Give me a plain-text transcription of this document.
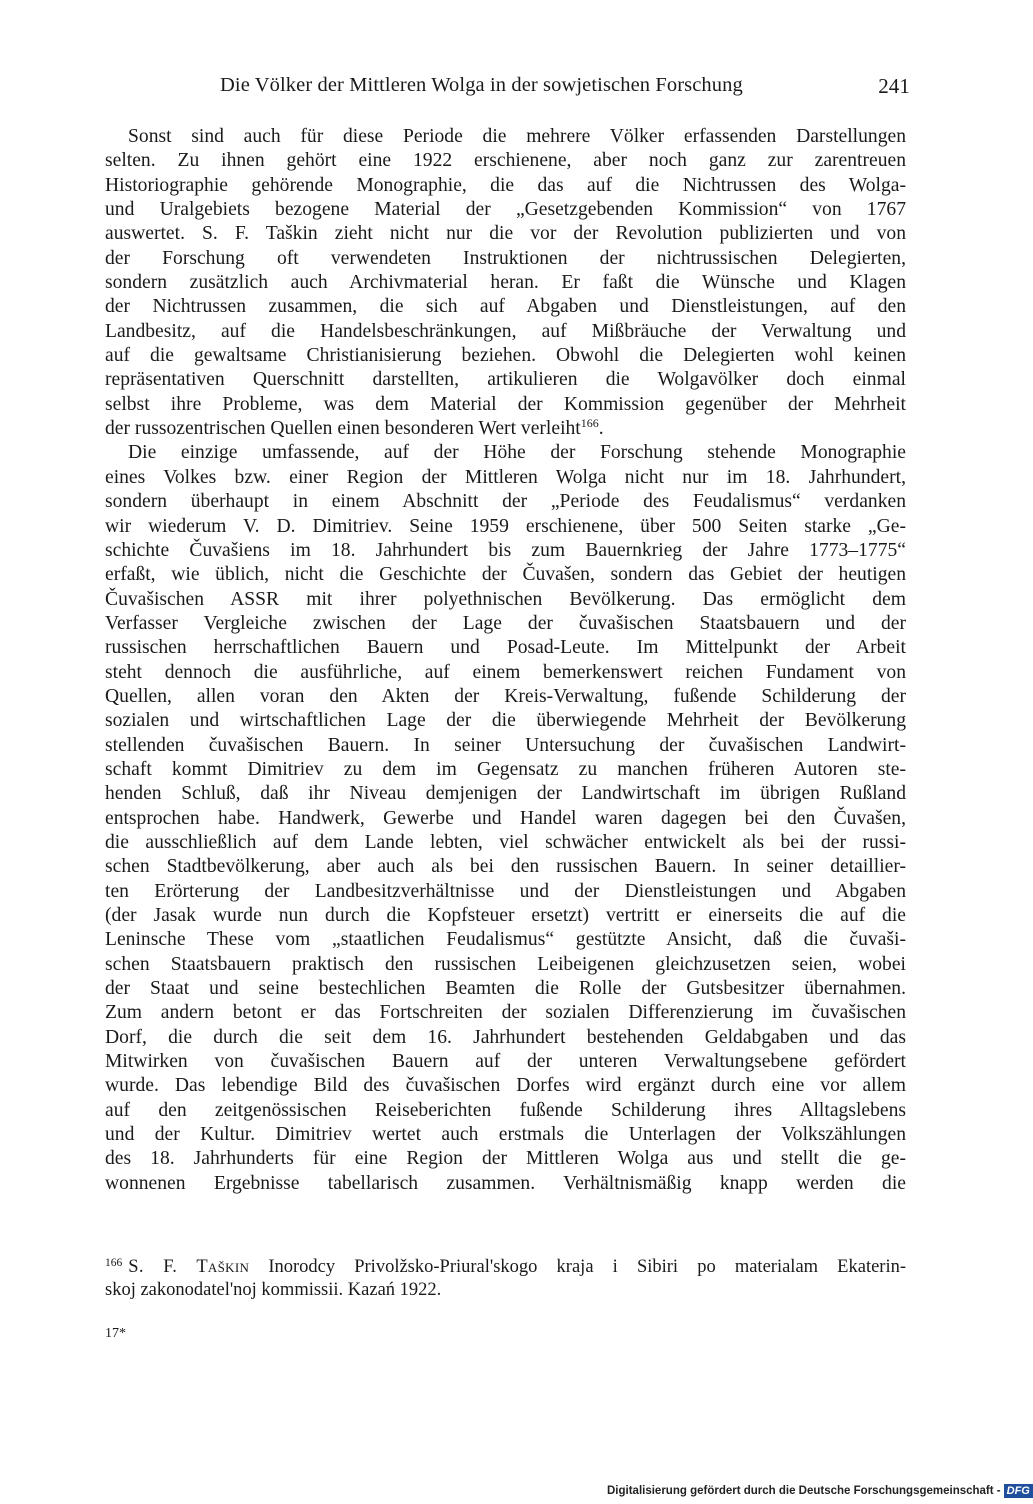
Die Völker der Mittleren Wolga in der sowjetischen Forschung	241
Sonst sind auch für diese Periode die mehrere Völker erfassenden Darstellungen
selten. Zu ihnen gehört eine 1922 erschienene, aber noch ganz zur zarentreuen
Historiographie gehörende Monographie, die das auf die Nichtrussen des Wolga-
und Uralgebiets bezogene Material der „Gesetzgebenden Kommission“ von 1767
auswertet. S. F. Taškin zieht nicht nur die vor der Revolution publizierten und von
der Forschung oft verwendeten Instruktionen der nichtrussischen Delegierten,
sondern zusätzlich auch Archivmaterial heran. Er faßt die Wünsche und Klagen
der Nichtrussen zusammen, die sich auf Abgaben und Dienstleistungen, auf den
Landbesitz, auf die Handelsbeschränkungen, auf Mißbräuche der Verwaltung und
auf die gewaltsame Christianisierung beziehen. Obwohl die Delegierten wohl keinen
repräsentativen Querschnitt darstellten, artikulieren die Wolgavölker doch einmal
selbst ihre Probleme, was dem Material der Kommission gegenüber der Mehrheit
der russozentrischen Quellen einen besonderen Wert verleiht$^{166}$.
Die einzige umfassende, auf der Höhe der Forschung stehende Monographie
eines Volkes bzw. einer Region der Mittleren Wolga nicht nur im 18. Jahrhundert,
sondern überhaupt in einem Abschnitt der „Periode des Feudalismus“ verdanken
wir wiederum V. D. Dimitriev. Seine 1959 erschienene, über 500 Seiten starke „Ge-
schichte Čuvašiens im 18. Jahrhundert bis zum Bauernkrieg der Jahre 1773–1775“
erfaßt, wie üblich, nicht die Geschichte der Čuvašen, sondern das Gebiet der heutigen
Čuvašischen ASSR mit ihrer polyethnischen Bevölkerung. Das ermöglicht dem
Verfasser Vergleiche zwischen der Lage der čuvašischen Staatsbauern und der
russischen herrschaftlichen Bauern und Posad-Leute. Im Mittelpunkt der Arbeit
steht dennoch die ausführliche, auf einem bemerkenswert reichen Fundament von
Quellen, allen voran den Akten der Kreis-Verwaltung, fußende Schilderung der
sozialen und wirtschaftlichen Lage der die überwiegende Mehrheit der Bevölkerung
stellenden čuvašischen Bauern. In seiner Untersuchung der čuvašischen Landwirt-
schaft kommt Dimitriev zu dem im Gegensatz zu manchen früheren Autoren ste-
henden Schluß, daß ihr Niveau demjenigen der Landwirtschaft im übrigen Rußland
entsprochen habe. Handwerk, Gewerbe und Handel waren dagegen bei den Čuvašen,
die ausschließlich auf dem Lande lebten, viel schwächer entwickelt als bei der russi-
schen Stadtbevölkerung, aber auch als bei den russischen Bauern. In seiner detaillier-
ten Erörterung der Landbesitzverhältnisse und der Dienstleistungen und Abgaben
(der Jasak wurde nun durch die Kopfsteuer ersetzt) vertritt er einerseits die auf die
Leninsche These vom „staatlichen Feudalismus“ gestützte Ansicht, daß die čuvaši-
schen Staatsbauern praktisch den russischen Leibeigenen gleichzusetzen seien, wobei
der Staat und seine bestechlichen Beamten die Rolle der Gutsbesitzer übernahmen.
Zum andern betont er das Fortschreiten der sozialen Differenzierung im čuvašischen
Dorf, die durch die seit dem 16. Jahrhundert bestehenden Geldabgaben und das
Mitwirken von čuvašischen Bauern auf der unteren Verwaltungsebene gefördert
wurde. Das lebendige Bild des čuvašischen Dorfes wird ergänzt durch eine vor allem
auf den zeitgenössischen Reiseberichten fußende Schilderung ihres Alltagslebens
und der Kultur. Dimitriev wertet auch erstmals die Unterlagen der Volkszählungen
des 18. Jahrhunderts für eine Region der Mittleren Wolga aus und stellt die ge-
wonnenen Ergebnisse tabellarisch zusammen. Verhältnismäßig knapp werden die
$^{166}$ S. F. Taškin Inorodcy Privolžsko-Priural'skogo kraja i Sibiri po materialam Ekaterin-
skoj zakonodatel'noj kommissii. Kazań 1922.
17*
Digitalisierung gefördert durch die Deutsche Forschungsgemeinschaft - DFG
